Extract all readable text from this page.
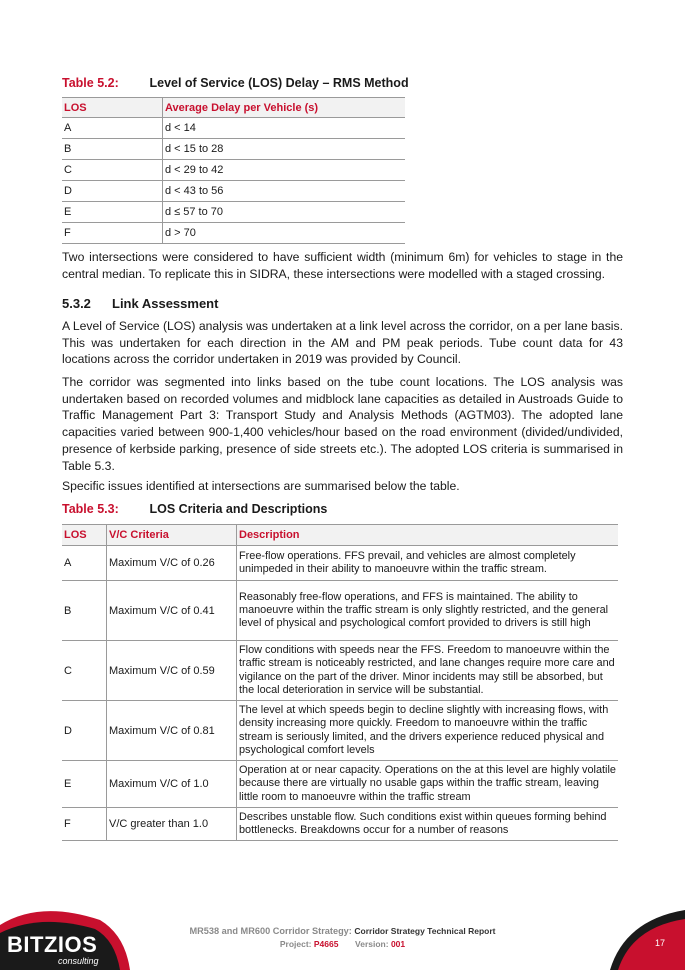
Table 5.2: Level of Service (LOS) Delay – RMS Method
LOS	Average Delay per Vehicle (s)
A	d < 14
B	d < 15 to 28
C	d < 29 to 42
D	d < 43 to 56
E	d ≤ 57 to 70
F	d > 70

Two intersections were considered to have sufficient width (minimum 6m) for vehicles to stage in the central median. To replicate this in SIDRA, these intersections were modelled with a staged crossing.

5.3.2 Link Assessment

A Level of Service (LOS) analysis was undertaken at a link level across the corridor, on a per lane basis. This was undertaken for each direction in the AM and PM peak periods. Tube count data for 43 locations across the corridor undertaken in 2019 was provided by Council.

The corridor was segmented into links based on the tube count locations. The LOS analysis was undertaken based on recorded volumes and midblock lane capacities as detailed in Austroads Guide to Traffic Management Part 3: Transport Study and Analysis Methods (AGTM03). The adopted lane capacities varied between 900-1,400 vehicles/hour based on the road environment (divided/undivided, presence of kerbside parking, presence of side streets etc.). The adopted LOS criteria is summarised in Table 5.3.

Specific issues identified at intersections are summarised below the table.

Table 5.3: LOS Criteria and Descriptions
LOS	V/C Criteria	Description
A	Maximum V/C of 0.26	Free-flow operations. FFS prevail, and vehicles are almost completely unimpeded in their ability to manoeuvre within the traffic stream.
B	Maximum V/C of 0.41	Reasonably free-flow operations, and FFS is maintained. The ability to manoeuvre within the traffic stream is only slightly restricted, and the general level of physical and psychological comfort provided to drivers is still high
C	Maximum V/C of 0.59	Flow conditions with speeds near the FFS. Freedom to manoeuvre within the traffic stream is noticeably restricted, and lane changes require more care and vigilance on the part of the driver. Minor incidents may still be absorbed, but the local deterioration in service will be substantial.
D	Maximum V/C of 0.81	The level at which speeds begin to decline slightly with increasing flows, with density increasing more quickly. Freedom to manoeuvre within the traffic stream is seriously limited, and the drivers experience reduced physical and psychological comfort levels
E	Maximum V/C of 1.0	Operation at or near capacity. Operations on the at this level are highly volatile because there are virtually no usable gaps within the traffic stream, leaving little room to manoeuvre within the traffic stream
F	V/C greater than 1.0	Describes unstable flow. Such conditions exist within queues forming behind bottlenecks. Breakdowns occur for a number of reasons
BITZIOS
consulting
17
MR538 and MR600 Corridor Strategy: Corridor Strategy Technical Report
Project: P4665 Version: 001
